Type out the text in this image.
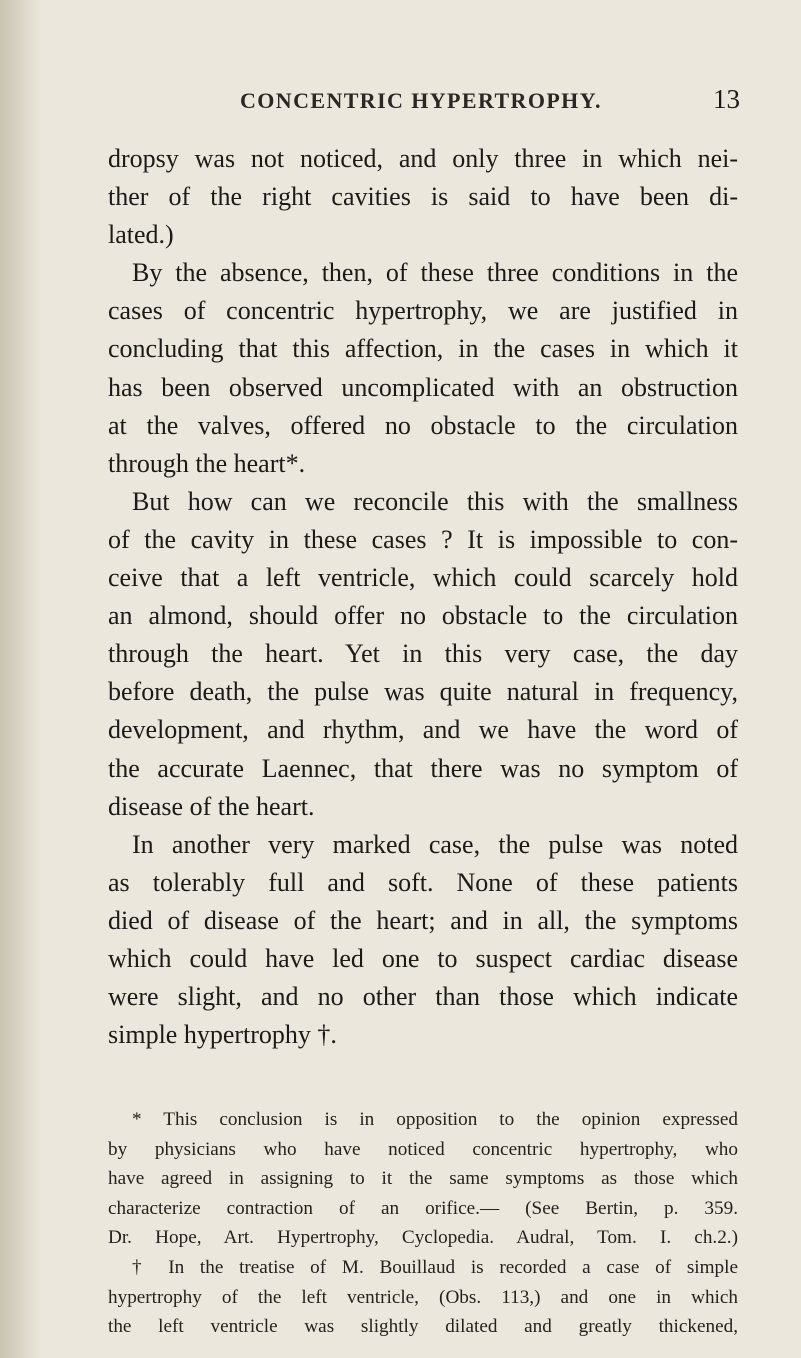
CONCENTRIC HYPERTROPHY.	13
dropsy was not noticed, and only three in which nei-
ther of the right cavities is said to have been di-
lated.)
By the absence, then, of these three conditions in the
cases of concentric hypertrophy, we are justified in
concluding that this affection, in the cases in which it
has been observed uncomplicated with an obstruction
at the valves, offered no obstacle to the circulation
through the heart*.
But how can we reconcile this with the smallness
of the cavity in these cases ? It is impossible to con-
ceive that a left ventricle, which could scarcely hold
an almond, should offer no obstacle to the circulation
through the heart. Yet in this very case, the day
before death, the pulse was quite natural in frequency,
development, and rhythm, and we have the word of
the accurate Laennec, that there was no symptom of
disease of the heart.
In another very marked case, the pulse was noted
as tolerably full and soft. None of these patients
died of disease of the heart; and in all, the symptoms
which could have led one to suspect cardiac disease
were slight, and no other than those which indicate
simple hypertrophy †.
* This conclusion is in opposition to the opinion expressed
by physicians who have noticed concentric hypertrophy, who
have agreed in assigning to it the same symptoms as those which
characterize contraction of an orifice.— (See Bertin, p. 359.
Dr. Hope, Art. Hypertrophy, Cyclopedia. Audral, Tom. I. ch.2.)
† In the treatise of M. Bouillaud is recorded a case of simple
hypertrophy of the left ventricle, (Obs. 113,) and one in which
the left ventricle was slightly dilated and greatly thickened,
